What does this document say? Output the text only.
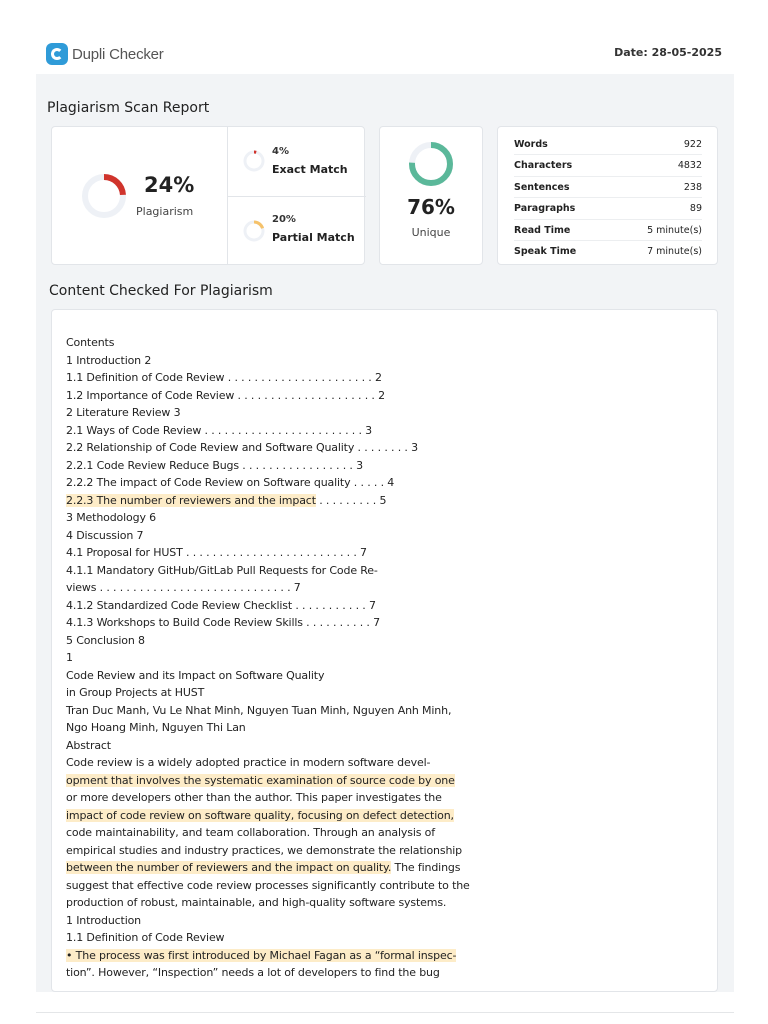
Dupli Checker	Date: 28-05-2025
Plagiarism Scan Report
24%
Plagiarism
4%
Exact Match
20%
Partial Match
76%
Unique
Words	922
Characters	4832
Sentences	238
Paragraphs	89
Read Time	5 minute(s)
Speak Time	7 minute(s)
Content Checked For Plagiarism
Contents
1 Introduction 2
1.1 Definition of Code Review . . . . . . . . . . . . . . . . . . . . . . 2
1.2 Importance of Code Review . . . . . . . . . . . . . . . . . . . . . 2
2 Literature Review 3
2.1 Ways of Code Review . . . . . . . . . . . . . . . . . . . . . . . . 3
2.2 Relationship of Code Review and Software Quality . . . . . . . . 3
2.2.1 Code Review Reduce Bugs . . . . . . . . . . . . . . . . . 3
2.2.2 The impact of Code Review on Software quality . . . . . 4
2.2.3 The number of reviewers and the impact . . . . . . . . . 5
3 Methodology 6
4 Discussion 7
4.1 Proposal for HUST . . . . . . . . . . . . . . . . . . . . . . . . . . 7
4.1.1 Mandatory GitHub/GitLab Pull Requests for Code Re-
views . . . . . . . . . . . . . . . . . . . . . . . . . . . . . 7
4.1.2 Standardized Code Review Checklist . . . . . . . . . . . 7
4.1.3 Workshops to Build Code Review Skills . . . . . . . . . . 7
5 Conclusion 8
1
Code Review and its Impact on Software Quality
in Group Projects at HUST
Tran Duc Manh, Vu Le Nhat Minh, Nguyen Tuan Minh, Nguyen Anh Minh,
Ngo Hoang Minh, Nguyen Thi Lan
Abstract
Code review is a widely adopted practice in modern software devel-
opment that involves the systematic examination of source code by one
or more developers other than the author. This paper investigates the
impact of code review on software quality, focusing on defect detection,
code maintainability, and team collaboration. Through an analysis of
empirical studies and industry practices, we demonstrate the relationship
between the number of reviewers and the impact on quality. The findings
suggest that effective code review processes significantly contribute to the
production of robust, maintainable, and high-quality software systems.
1 Introduction
1.1 Definition of Code Review
• The process was first introduced by Michael Fagan as a “formal inspec-
tion”. However, “Inspection” needs a lot of developers to find the bug
